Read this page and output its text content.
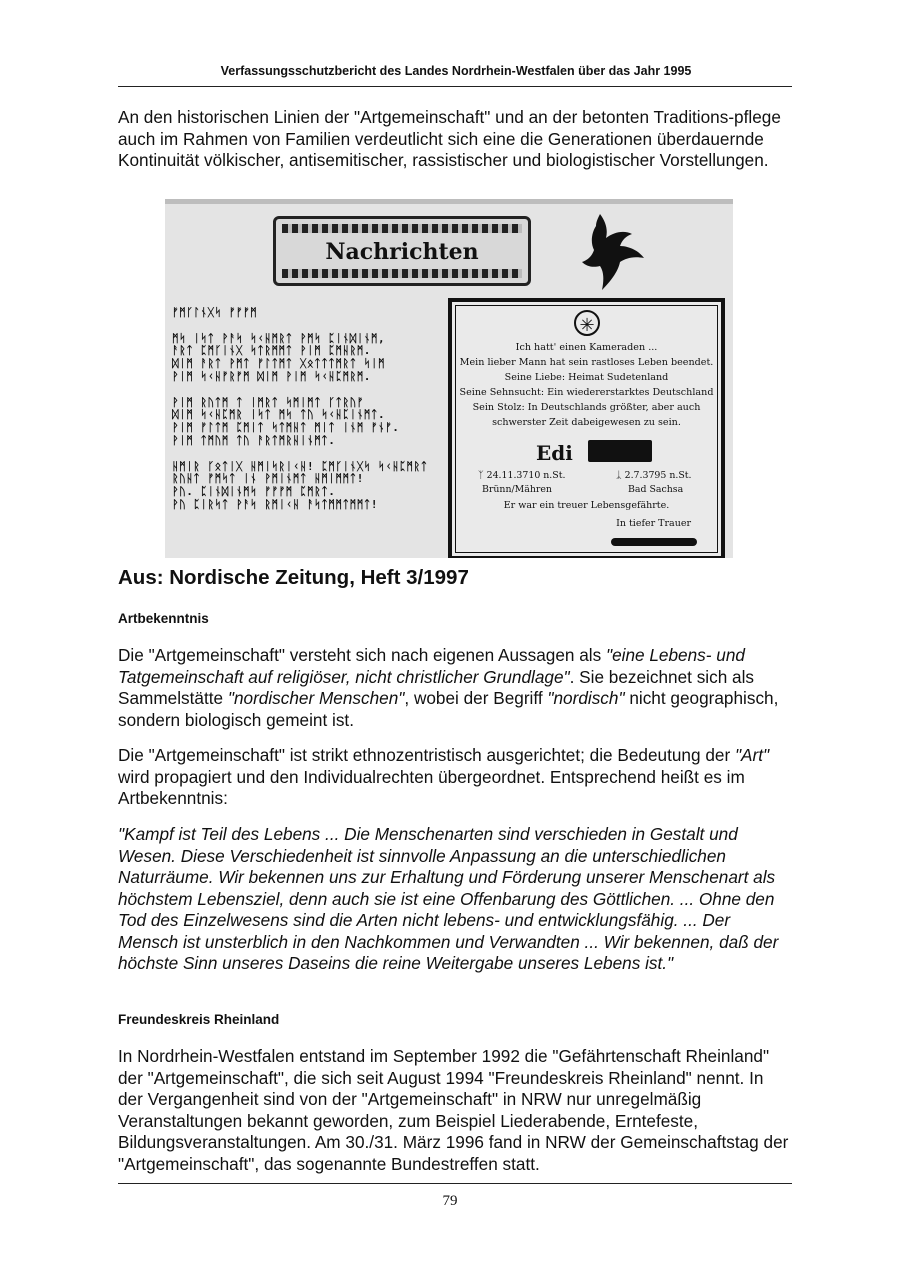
Verfassungsschutzbericht des Landes Nordrhein-Westfalen über das Jahr 1995

An den historischen Linien der "Artgemeinschaft" und an der betonten Traditions-pflege auch im Rahmen von Familien verdeutlicht sich eine die Generationen überdauernde Kontinuität völkischer, antisemitischer, rassistischer und biologistischer Vorstellungen.

Nachrichten
ᚠᛗᚴᛚᚾᚷᛋ ᚠᚠᚠᛗ

ᛗᛋ ᛁᛋᛏ ᚹᚨᛋ ᛋᚲᚺᛗᚱᛏ ᚹᛗᛋ ᛈᛁᚾᛞᛁᚾᛗ,
ᚨᚱᛏ ᛈᛗᚴᛁᚾᚷ ᛋᛏᚱᛗᛗᛏ ᚹᛁᛗ ᛈᛗᚺᚱᛗ.
ᛞᛁᛗ ᚨᚱᛏ ᚹᛗᛏ ᚠᛚᛏᛗᛏ ᚷᛟᛏᛏᛏᛗᚱᛏ ᛋᛁᛗ
ᚹᛁᛗ ᛋᚲᚺᚠᚱᚠᛗ ᛞᛁᛗ ᚹᛁᛗ ᛋᚲᚺᛈᛗᚱᛗ.

ᚹᛁᛗ ᚱᚢᛏᛗ ᛏ ᛁᛗᚱᛏ ᛋᛗᛁᛗᛏ ᚴᛏᚱᚢᚠ
ᛞᛁᛗ ᛋᚲᚺᛈᛗᚱ ᛁᛋᛏ ᛗᛋ ᛏᚢ ᛋᚲᚺᛈᛁᚾᛗᛏ.
ᚹᛁᛗ ᚠᛚᛏᛗ ᛈᛗᛁᛏ ᛋᛏᛗᚺᛏ ᛗᛁᛏ ᛁᚾᛗ ᚠᚾᚠ.
ᚹᛁᛗ ᛏᛗᚢᛗ ᛏᚢ ᚨᚱᛏᛗᚱᚺᛁᚾᛗᛏ.

ᚺᛗᛁᚱ ᚴᛟᛏᛁᚷ ᚺᛗᛁᛋᚱᛁᚲᚺ! ᛈᛗᚴᛁᚾᚷᛋ ᛋᚲᚺᛈᛗᚱᛏ
ᚱᚢᚺᛏ ᚠᛗᛋᛏ ᛁᚾ ᚹᛗᛁᚾᛗᛏ ᚺᛗᛁᛗᛗᛏ!
ᚹᚢ. ᛈᛁᚾᛞᛁᚾᛗᛋ ᚠᚠᚠᛗ ᛈᛗᚱᛏ.
ᚹᚢ ᛈᛁᚱᛋᛏ ᚹᚨᛋ ᚱᛗᛁᚲᚺ ᚨᛋᛏᛗᛗᛏᛗᛗᛏ!
✳
Ich hatt' einen Kameraden ...
Mein lieber Mann hat sein rastloses Leben beendet.
Seine Liebe: Heimat Sudetenland
Seine Sehnsucht: Ein wiedererstarktes Deutschland
Sein Stolz: In Deutschlands größter, aber auch
schwerster Zeit dabeigewesen zu sein.
Edi
ᛉ 24.11.3710 n.St.
Brünn/Mähren
ᛣ 2.7.3795 n.St.
Bad Sachsa
Er war ein treuer Lebensgefährte.
In tiefer Trauer

Aus: Nordische Zeitung, Heft 3/1997

Artbekenntnis

Die "Artgemeinschaft" versteht sich nach eigenen Aussagen als "eine Lebens- und Tatgemeinschaft auf religiöser, nicht christlicher Grundlage". Sie bezeichnet sich als Sammelstätte "nordischer Menschen", wobei der Begriff "nordisch" nicht geographisch, sondern biologisch gemeint ist.

Die "Artgemeinschaft" ist strikt ethnozentristisch ausgerichtet; die Bedeutung der "Art" wird propagiert und den Individualrechten übergeordnet. Entsprechend heißt es im Artbekenntnis:

"Kampf ist Teil des Lebens ... Die Menschenarten sind verschieden in Gestalt und Wesen. Diese Verschiedenheit ist sinnvolle Anpassung an die unterschiedlichen Naturräume. Wir bekennen uns zur Erhaltung und Förderung unserer Menschenart als höchstem Lebensziel, denn auch sie ist eine Offenbarung des Göttlichen. ... Ohne den Tod des Einzelwesens sind die Arten nicht lebens- und entwicklungsfähig. ... Der Mensch ist unsterblich in den Nachkommen und Verwandten ... Wir bekennen, daß der höchste Sinn unseres Daseins die reine Weitergabe unseres Lebens ist."

Freundeskreis Rheinland

In Nordrhein-Westfalen entstand im September 1992 die "Gefährtenschaft Rheinland" der "Artgemeinschaft", die sich seit August 1994 "Freundeskreis Rheinland" nennt. In der Vergangenheit sind von der "Artgemeinschaft" in NRW nur unregelmäßig Veranstaltungen bekannt geworden, zum Beispiel Liederabende, Erntefeste, Bildungsveranstaltungen. Am 30./31. März 1996 fand in NRW der Gemeinschaftstag der "Artgemeinschaft", das sogenannte Bundestreffen statt.

79
